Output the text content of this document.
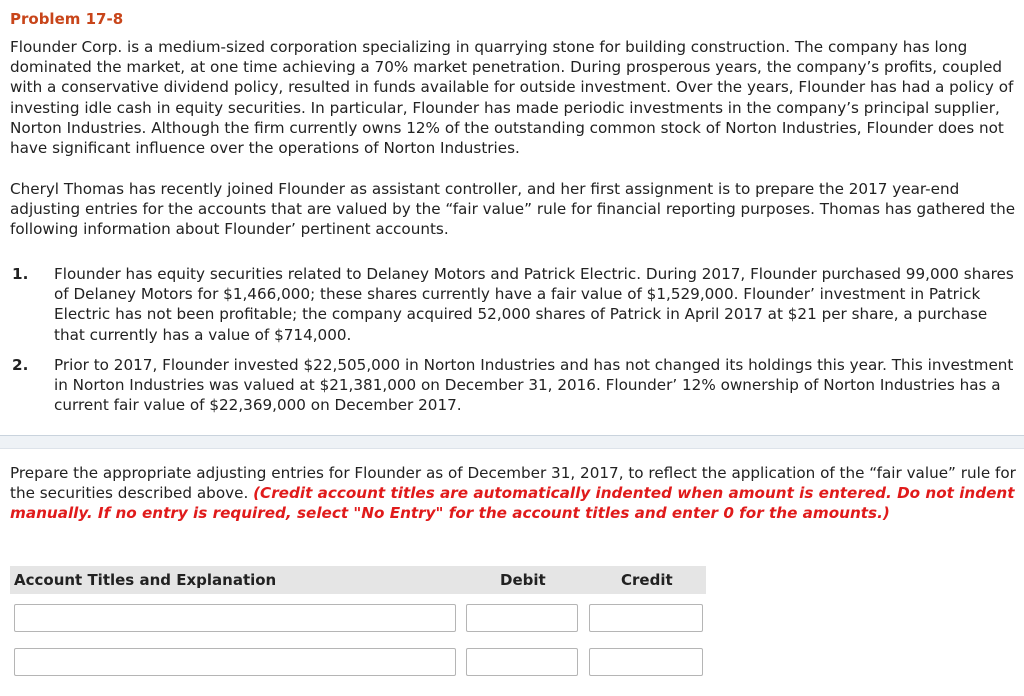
Problem 17-8
Flounder Corp. is a medium-sized corporation specializing in quarrying stone for building construction. The company has long dominated the market, at one time achieving a 70% market penetration. During prosperous years, the company’s profits, coupled with a conservative dividend policy, resulted in funds available for outside investment. Over the years, Flounder has had a policy of investing idle cash in equity securities. In particular, Flounder has made periodic investments in the company’s principal supplier, Norton Industries. Although the firm currently owns 12% of the outstanding common stock of Norton Industries, Flounder does not have significant influence over the operations of Norton Industries.
Cheryl Thomas has recently joined Flounder as assistant controller, and her first assignment is to prepare the 2017 year-end adjusting entries for the accounts that are valued by the “fair value” rule for financial reporting purposes. Thomas has gathered the following information about Flounder’ pertinent accounts.
1. Flounder has equity securities related to Delaney Motors and Patrick Electric. During 2017, Flounder purchased 99,000 shares of Delaney Motors for $1,466,000; these shares currently have a fair value of $1,529,000. Flounder’ investment in Patrick Electric has not been profitable; the company acquired 52,000 shares of Patrick in April 2017 at $21 per share, a purchase that currently has a value of $714,000.
2. Prior to 2017, Flounder invested $22,505,000 in Norton Industries and has not changed its holdings this year. This investment in Norton Industries was valued at $21,381,000 on December 31, 2016. Flounder’ 12% ownership of Norton Industries has a current fair value of $22,369,000 on December 2017.
Prepare the appropriate adjusting entries for Flounder as of December 31, 2017, to reflect the application of the “fair value” rule for the securities described above. (Credit account titles are automatically indented when amount is entered. Do not indent manually. If no entry is required, select "No Entry" for the account titles and enter 0 for the amounts.)
Account Titles and Explanation	Debit	Credit
